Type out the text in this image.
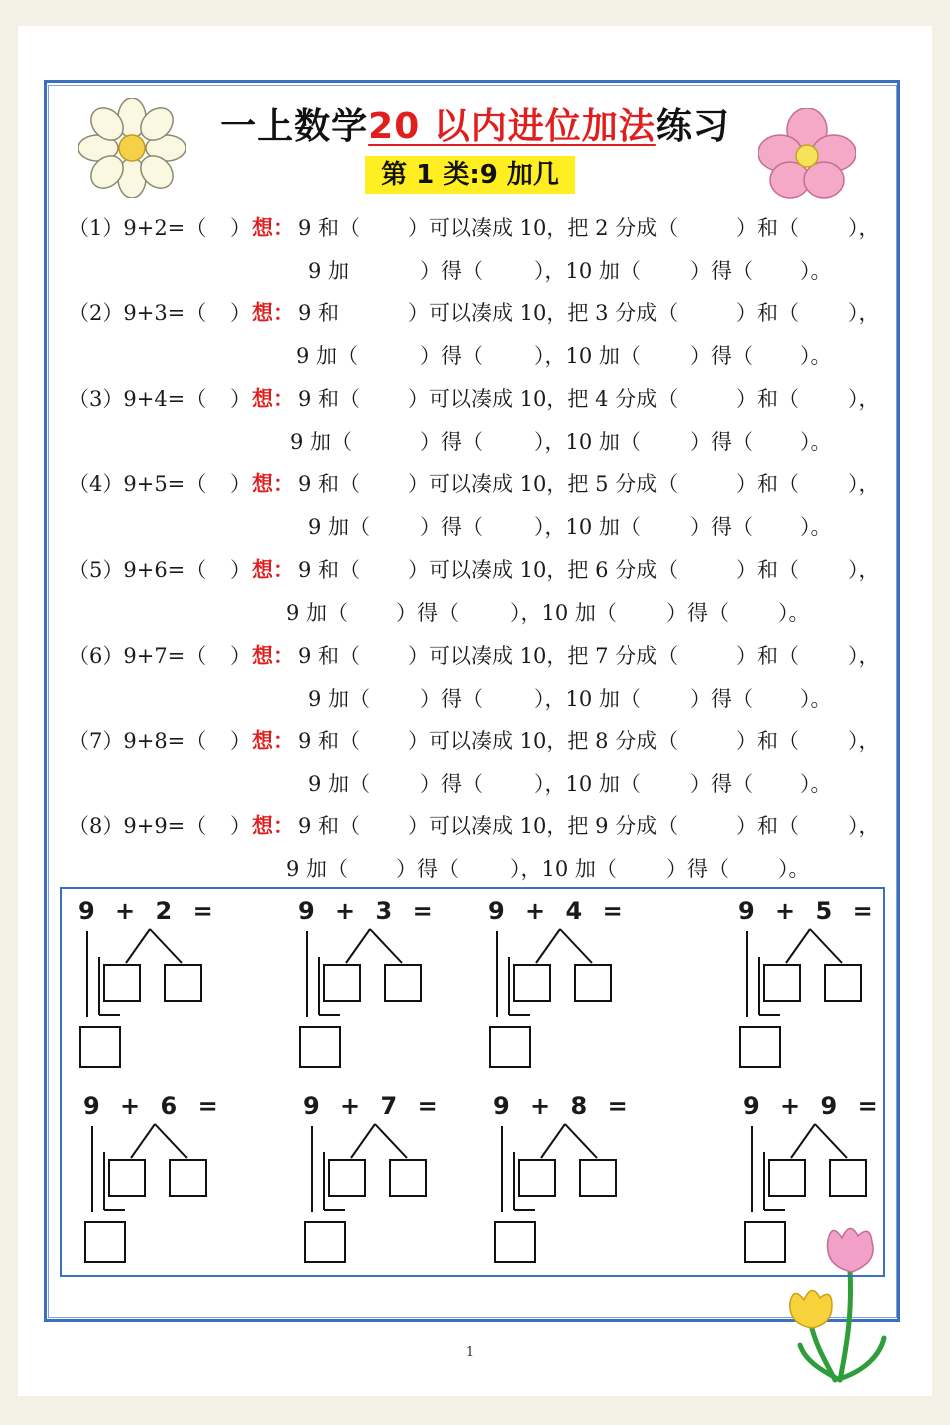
一上数学20 以内进位加法练习
第 1 类:9 加几
（1）9+2=（ ） 想： 9 和（ ）可以凑成 10，把 2 分成（	）和（ ），
9 加	）得（ ），10 加（ ）得（ ）。
（2）9+3=（ ） 想： 9 和	）可以凑成 10，把 3 分成（	）和（ ），
9 加（	）得（ ），10 加（ ）得（ ）。
（3）9+4=（ ） 想： 9 和（ ）可以凑成 10，把 4 分成（	）和（ ），
9 加（	）得（ ），10 加（ ）得（ ）。
（4）9+5=（ ） 想： 9 和（ ）可以凑成 10，把 5 分成（	）和（ ），
9 加（ ）得（ ），10 加（ ）得（ ）。
（5）9+6=（ ） 想： 9 和（ ）可以凑成 10，把 6 分成（	）和（ ），
9 加（ ）得（ ），10 加（ ）得（ ）。
（6）9+7=（ ） 想： 9 和（ ）可以凑成 10，把 7 分成（	）和（ ），
9 加（ ）得（ ），10 加（ ）得（ ）。
（7）9+8=（ ） 想： 9 和（ ）可以凑成 10，把 8 分成（	）和（ ），
9 加（ ）得（ ），10 加（ ）得（ ）。
（8）9+9=（ ） 想： 9 和（ ）可以凑成 10，把 9 分成（	）和（ ），
9 加（ ）得（ ），10 加（ ）得（ ）。
9 + 2 =	9 + 3 = 9 + 4 =	9 + 5 =
9 + 6 =	9 + 7 = 9 + 8 =	9 + 9 =
1
